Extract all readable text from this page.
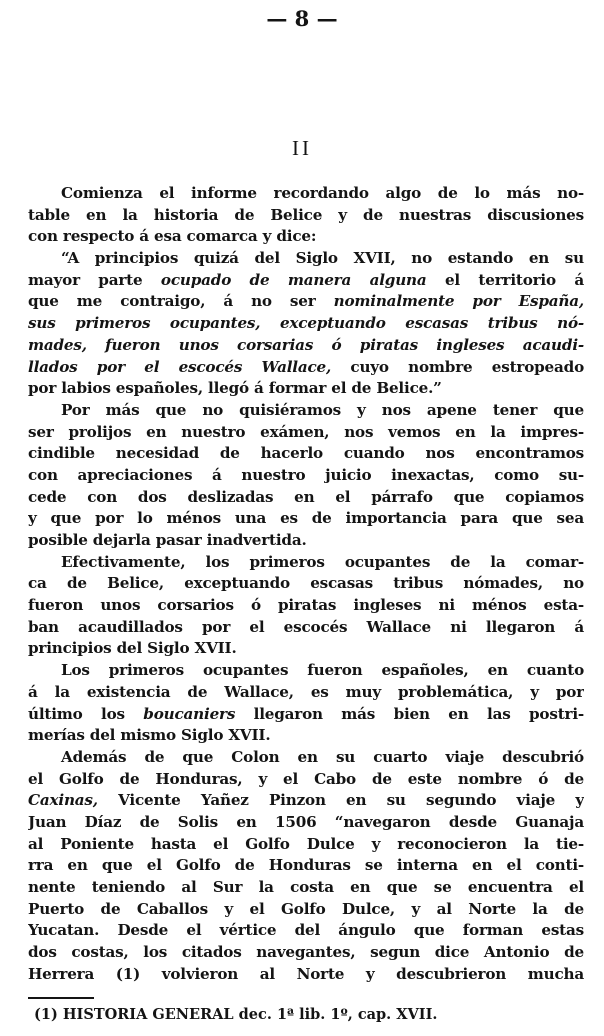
— 8 —
II
Comienza el informe recordando algo de lo más no-
table en la historia de Belice y de nuestras discusiones
con respecto á esa comarca y dice:
“A principios quizá del Siglo XVII, no estando en su
mayor parte ocupado de manera alguna el territorio á
que me contraigo, á no ser nominalmente por España,
sus primeros ocupantes, exceptuando escasas tribus nó-
mades, fueron unos corsarias ó piratas ingleses acaudi-
llados por el escocés Wallace, cuyo nombre estropeado
por labios españoles, llegó á formar el de Belice.”
Por más que no quisiéramos y nos apene tener que
ser prolijos en nuestro exámen, nos vemos en la impres-
cindible necesidad de hacerlo cuando nos encontramos
con apreciaciones á nuestro juicio inexactas, como su-
cede con dos deslizadas en el párrafo que copiamos
y que por lo ménos una es de importancia para que sea
posible dejarla pasar inadvertida.
Efectivamente, los primeros ocupantes de la comar-
ca de Belice, exceptuando escasas tribus nómades, no
fueron unos corsarios ó piratas ingleses ni ménos esta-
ban acaudillados por el escocés Wallace ni llegaron á
principios del Siglo XVII.
Los primeros ocupantes fueron españoles, en cuanto
á la existencia de Wallace, es muy problemática, y por
último los boucaniers llegaron más bien en las postri-
merías del mismo Siglo XVII.
Además de que Colon en su cuarto viaje descubrió
el Golfo de Honduras, y el Cabo de este nombre ó de
Caxinas, Vicente Yañez Pinzon en su segundo viaje y
Juan Díaz de Solis en 1506 “navegaron desde Guanaja
al Poniente hasta el Golfo Dulce y reconocieron la tie-
rra en que el Golfo de Honduras se interna en el conti-
nente teniendo al Sur la costa en que se encuentra el
Puerto de Caballos y el Golfo Dulce, y al Norte la de
Yucatan. Desde el vértice del ángulo que forman estas
dos costas, los citados navegantes, segun dice Antonio de
Herrera (1) volvieron al Norte y descubrieron mucha
(1) HISTORIA GENERAL dec. 1ª lib. 1º, cap. XVII.
